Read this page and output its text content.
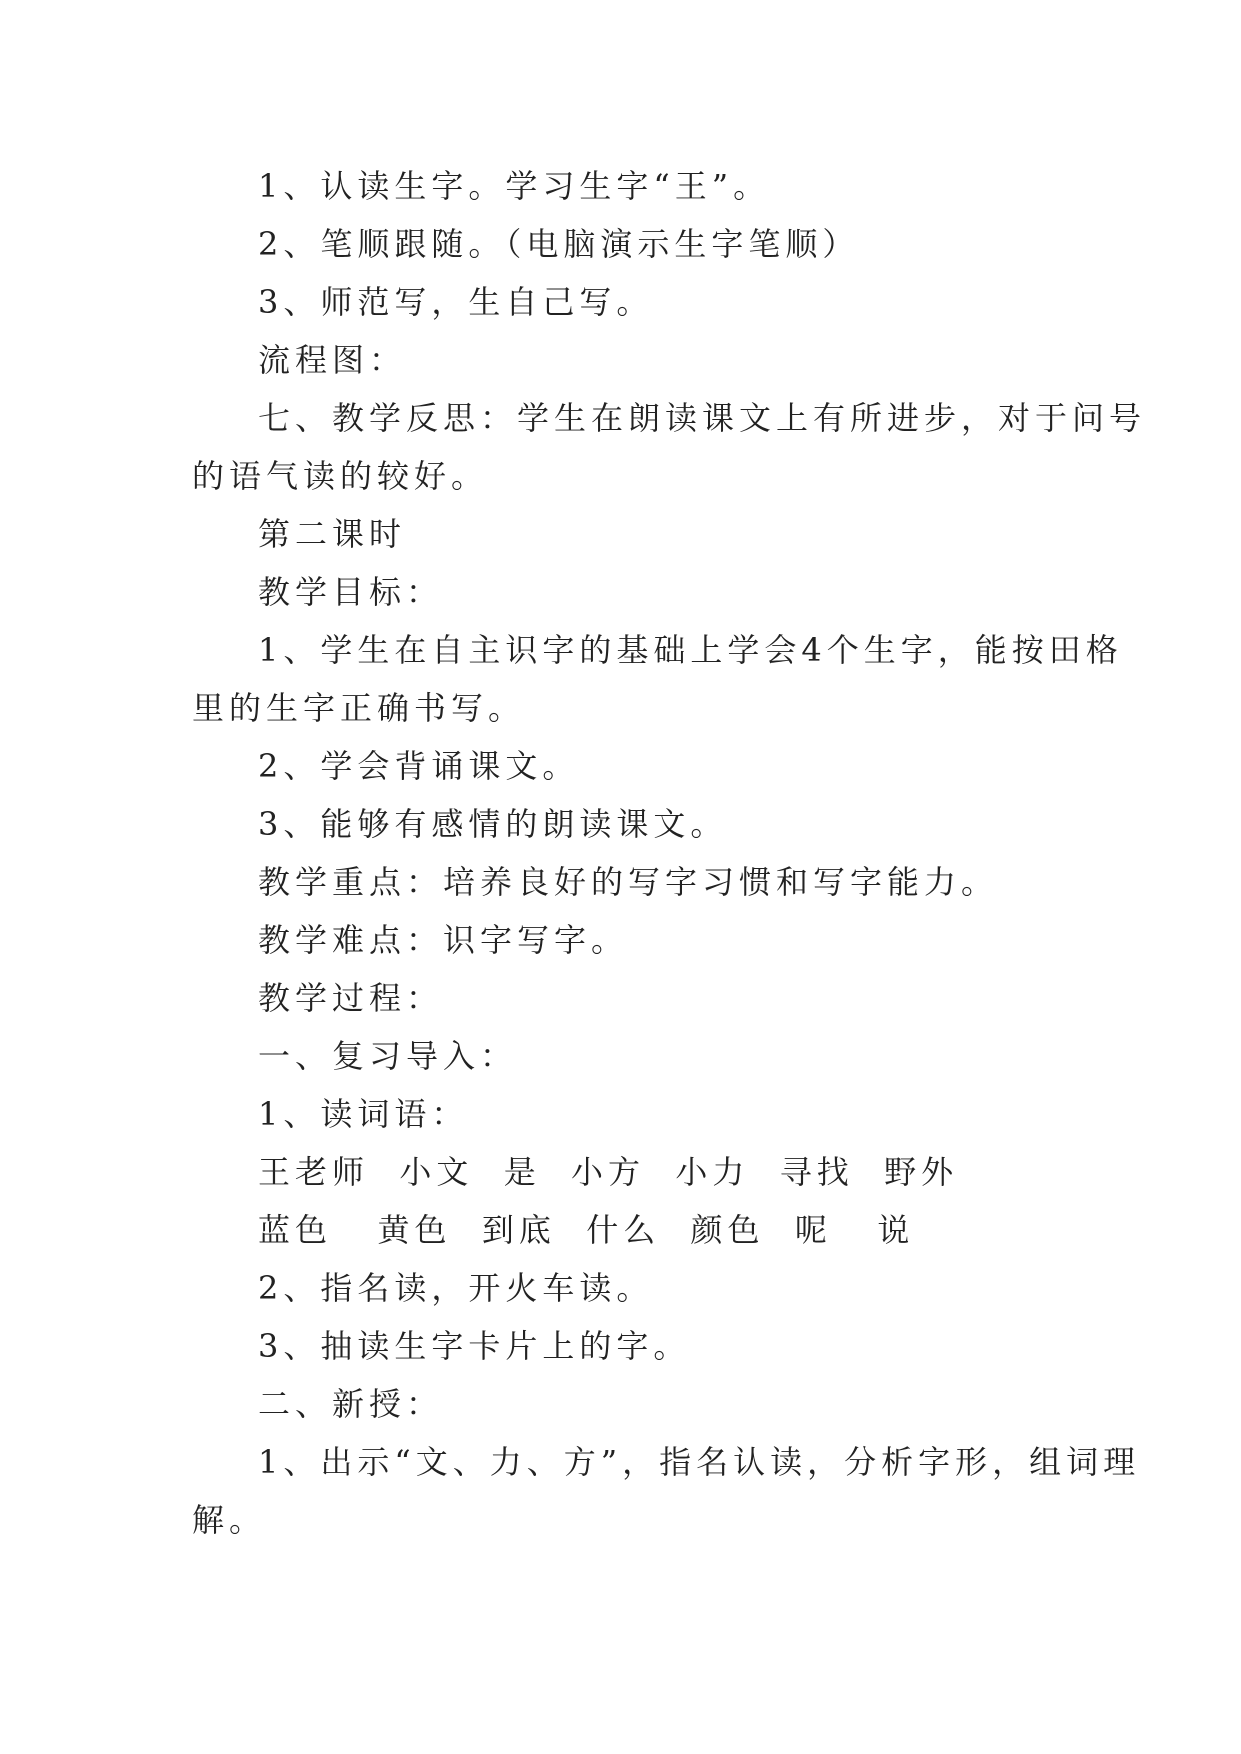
1、认读生字。学习生字“王”。
2、笔顺跟随。（电脑演示生字笔顺）
3、师范写，生自己写。
流程图：
七、教学反思：学生在朗读课文上有所进步，对于问号
的语气读的较好。
第二课时
教学目标：
1、学生在自主识字的基础上学会4个生字，能按田格
里的生字正确书写。
2、学会背诵课文。
3、能够有感情的朗读课文。
教学重点：培养良好的写字习惯和写字能力。
教学难点：识字写字。
教学过程：
一、复习导入：
1、读词语：
王老师  小文  是  小方  小力  寻找  野外
蓝色   黄色  到底  什么  颜色  呢   说
2、指名读，开火车读。
3、抽读生字卡片上的字。
二、新授：
1、出示“文、力、方”，指名认读，分析字形，组词理
解。
